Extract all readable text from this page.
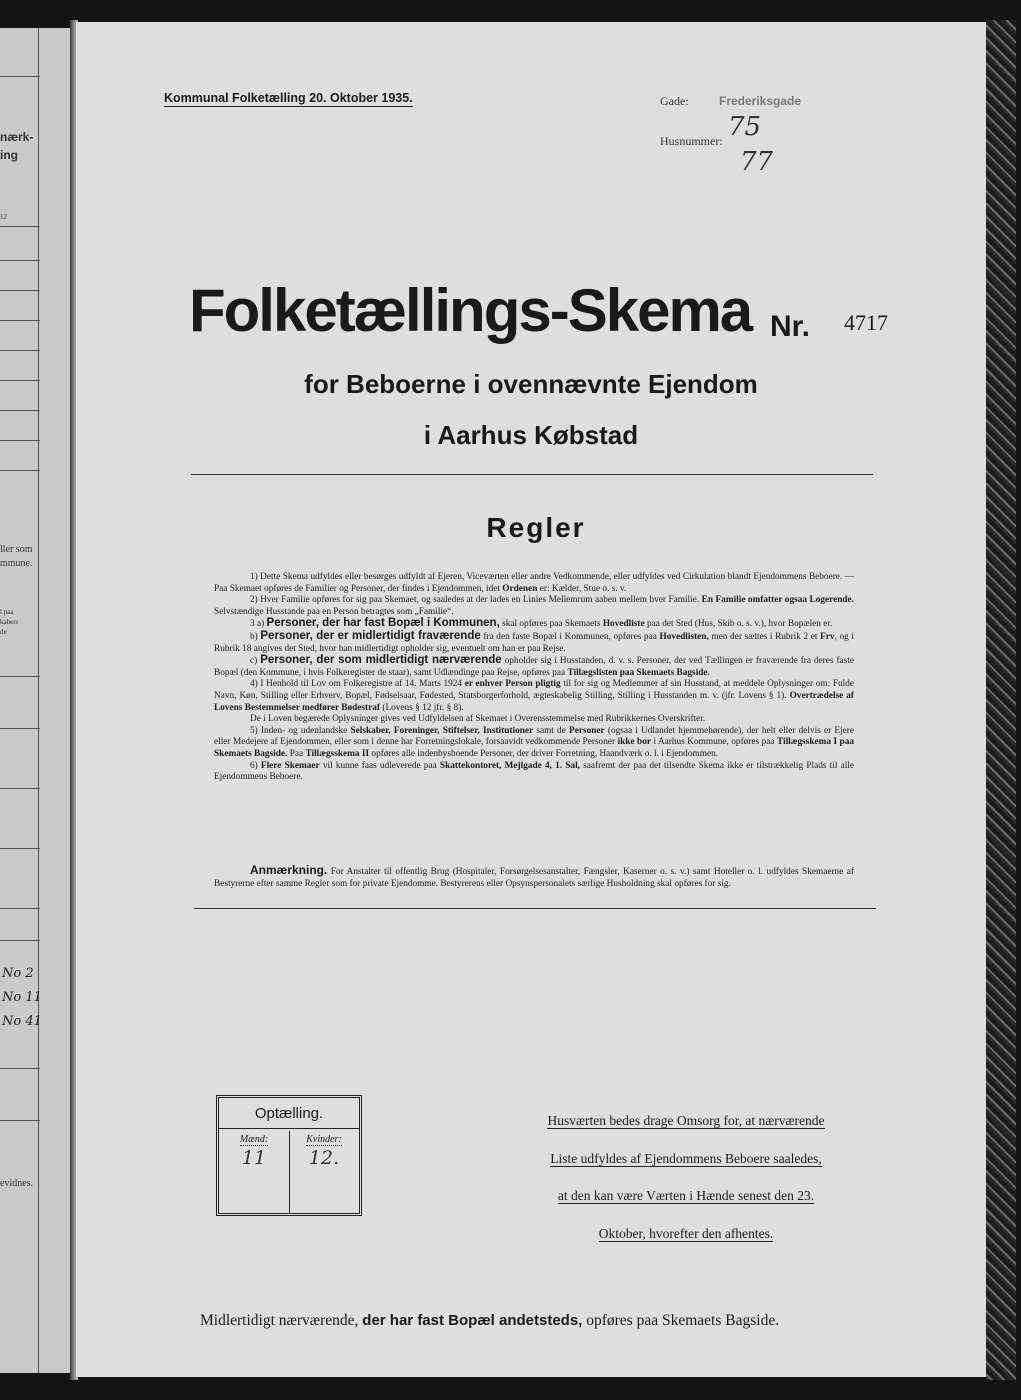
nærk-
ing
12
ller som
mmune.
l paa
kabers
de
No 2
No 11
No 41
evidnes.
Kommunal Folketælling 20. Oktober 1935.	Gade:	Frederiksgade
Husnummer: 75
77
Folketællings-Skema Nr. 4717
for Beboerne i ovennævnte Ejendom
i Aarhus Købstad
Regler

1) Dette Skema udfyldes eller besørges udfyldt af Ejeren, Viceværten eller andre Vedkommende, eller udfyldes ved Cirkulation blandt Ejendommens Beboere. — Paa Skemaet opføres de Familier og Personer, der findes i Ejendommen, idet Ordenen er: Kælder, Stue o. s. v.

2) Hver Familie opføres for sig paa Skemaet, og saaledes at der lades en Linies Mellemrum aaben mellem hver Familie. En Familie omfatter ogsaa Logerende. Selvstændige Husstande paa en Person betragtes som „Familie“.

3 a) Personer, der har fast Bopæl i Kommunen, skal opføres paa Skemaets Hovedliste paa det Sted (Hus, Skib o. s. v.), hvor Bopælen er.

b) Personer, der er midlertidigt fraværende fra den faste Bopæl i Kommunen, opføres paa Hovedlisten, men der sættes i Rubrik 2 et Frv, og i Rubrik 18 angives det Sted, hvor han midlertidigt opholder sig, eventuelt om han er paa Rejse.

c) Personer, der som midlertidigt nærværende opholder sig i Husstanden, d. v. s. Personer, der ved Tællingen er fraværende fra deres faste Bopæl (den Kommune, i hvis Folkeregister de staar), samt Udlændinge paa Rejse, opføres paa Tillægslisten paa Skemaets Bagside.

4) I Henhold til Lov om Folkeregistre af 14. Marts 1924 er enhver Person pligtig til for sig og Medlemmer af sin Husstand, at meddele Oplysninger om: Fulde Navn, Køn, Stilling eller Erhverv, Bopæl, Fødselsaar, Fødested, Statsborgerforhold, ægteskabelig Stilling, Stilling i Husstanden m. v. (jfr. Lovens § 1). Overtrædelse af Lovens Bestemmelser medfører Bødestraf (Lovens § 12 jfr. § 8).

De i Loven begærede Oplysninger gives ved Udfyldelsen af Skemaet i Overensstemmelse med Rubrikkernes Overskrifter.

5) Inden- og udenlandske Selskaber, Foreninger, Stiftelser, Institutioner samt de Personer (ogsaa i Udlandet hjemmehørende), der helt eller delvis er Ejere eller Medejere af Ejendommen, eller som i denne har Forretningslokale, forsaavidt vedkommende Personer ikke bor i Aarhus Kommune, opføres paa Tillægsskema I paa Skemaets Bagside. Paa Tillægsskema II opføres alle indenbysboende Personer, der driver Forretning, Haandværk o. l. i Ejendommen.

6) Flere Skemaer vil kunne faas udleverede paa Skattekontoret, Mejlgade 4, 1. Sal, saafremt der paa det tilsendte Skema ikke er tilstrækkelig Plads til alle Ejendommens Beboere.

Anmærkning. For Anstalter til offentlig Brug (Hospitaler, Forsørgelsesanstalter, Fængsler, Kaserner o. s. v.) samt Hoteller o. l. udfyldes Skemaerne af Bestyrerne efter samme Regler som for private Ejendomme. Bestyrerens eller Opsynspersonalets særlige Husholdning skal opføres for sig.

Optælling.
Mænd:
11
Kvinder:
12.
Husværten bedes drage Omsorg for, at nærværende
Liste udfyldes af Ejendommens Beboere saaledes,
at den kan være Værten i Hænde senest den 23.
Oktober, hvorefter den afhentes.
Midlertidigt nærværende, der har fast Bopæl andetsteds, opføres paa Skemaets Bagside.
